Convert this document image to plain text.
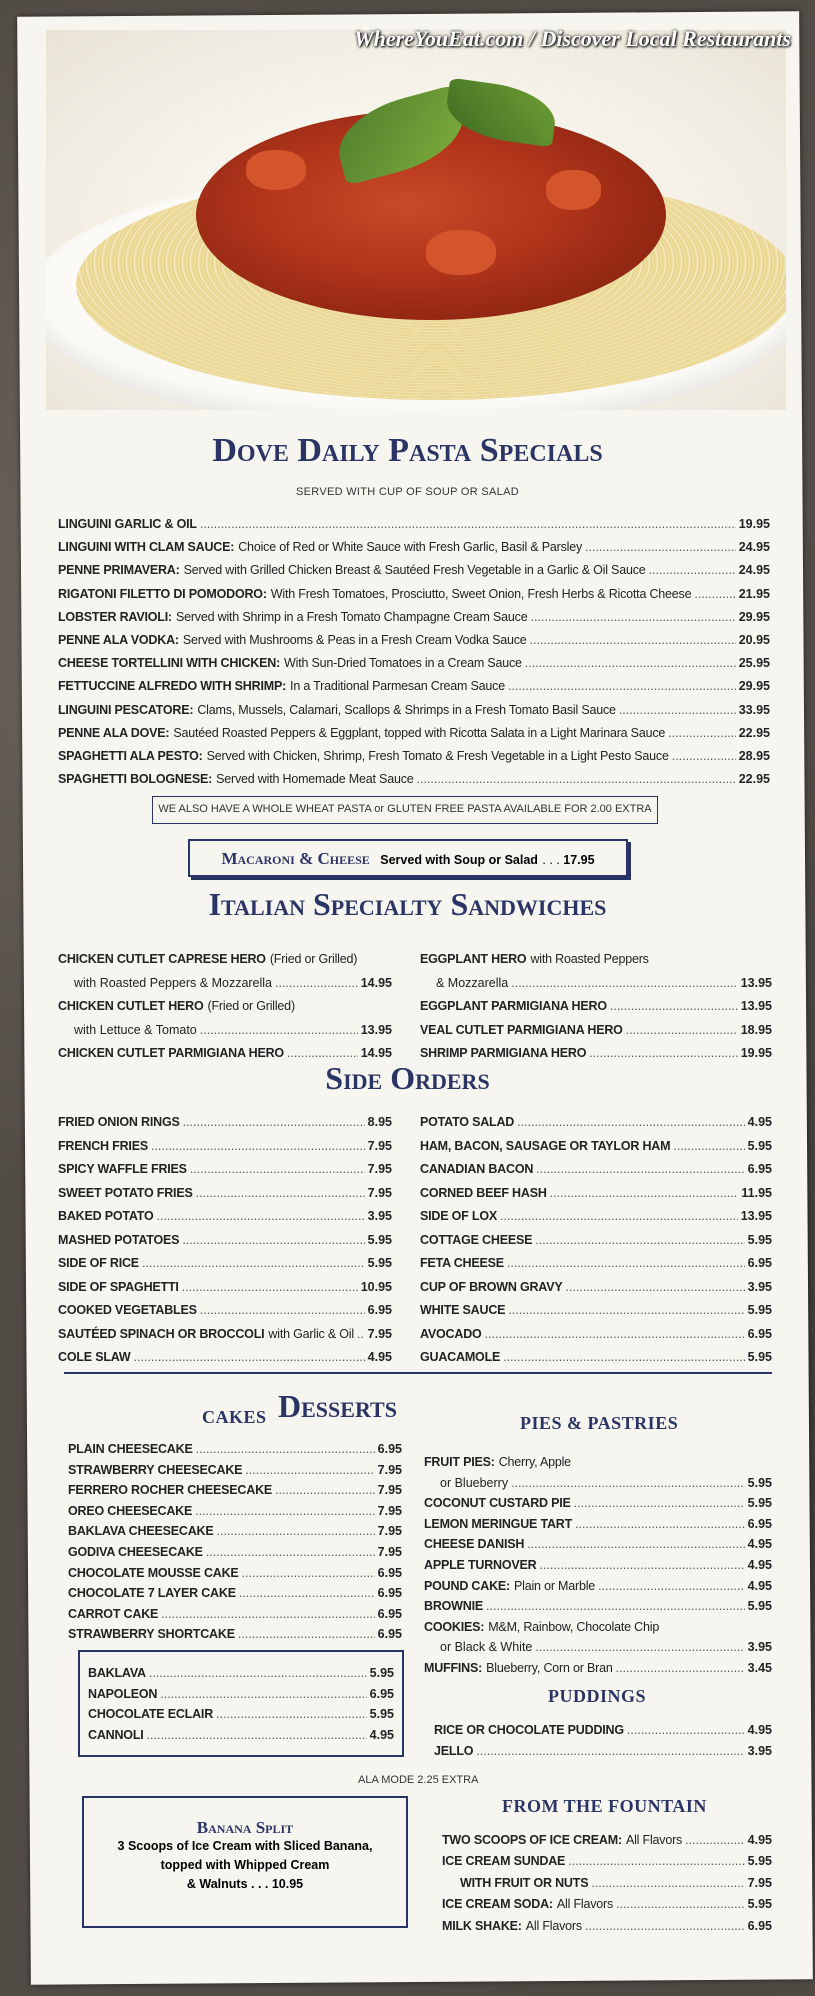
WhereYouEat.com / Discover Local Restaurants
Dove Daily Pasta Specials
SERVED WITH CUP OF SOUP OR SALAD
LINGUINI GARLIC & OIL .....	19.95
LINGUINI WITH CLAM SAUCE: Choice of Red or White Sauce with Fresh Garlic, Basil & Parsley .....	24.95
PENNE PRIMAVERA: Served with Grilled Chicken Breast & Sautéed Fresh Vegetable in a Garlic & Oil Sauce .....	24.95
RIGATONI FILETTO DI POMODORO: With Fresh Tomatoes, Prosciutto, Sweet Onion, Fresh Herbs & Ricotta Cheese .....	21.95
LOBSTER RAVIOLI: Served with Shrimp in a Fresh Tomato Champagne Cream Sauce .....	29.95
PENNE ALA VODKA: Served with Mushrooms & Peas in a Fresh Cream Vodka Sauce .....	20.95
CHEESE TORTELLINI WITH CHICKEN: With Sun-Dried Tomatoes in a Cream Sauce .....	25.95
FETTUCCINE ALFREDO WITH SHRIMP: In a Traditional Parmesan Cream Sauce .....	29.95
LINGUINI PESCATORE: Clams, Mussels, Calamari, Scallops & Shrimps in a Fresh Tomato Basil Sauce .....	33.95
PENNE ALA DOVE: Sautéed Roasted Peppers & Eggplant, topped with Ricotta Salata in a Light Marinara Sauce .....	22.95
SPAGHETTI ALA PESTO: Served with Chicken, Shrimp, Fresh Tomato & Fresh Vegetable in a Light Pesto Sauce .....	28.95
SPAGHETTI BOLOGNESE: Served with Homemade Meat Sauce .....	22.95
WE ALSO HAVE A WHOLE WHEAT PASTA or GLUTEN FREE PASTA AVAILABLE FOR 2.00 EXTRA
Macaroni & Cheese Served with Soup or Salad . . . 17.95
Italian Specialty Sandwiches
CHICKEN CUTLET CAPRESE HERO (Fried or Grilled)
with Roasted Peppers & Mozzarella .....	14.95
CHICKEN CUTLET HERO (Fried or Grilled)
with Lettuce & Tomato .....	13.95
CHICKEN CUTLET PARMIGIANA HERO .....	14.95
EGGPLANT HERO with Roasted Peppers
& Mozzarella .....	13.95
EGGPLANT PARMIGIANA HERO .....	13.95
VEAL CUTLET PARMIGIANA HERO .....	18.95
SHRIMP PARMIGIANA HERO .....	19.95
Side Orders
FRIED ONION RINGS .....	8.95
FRENCH FRIES .....	7.95
SPICY WAFFLE FRIES .....	7.95
SWEET POTATO FRIES .....	7.95
BAKED POTATO .....	3.95
MASHED POTATOES .....	5.95
SIDE OF RICE .....	5.95
SIDE OF SPAGHETTI .....	10.95
COOKED VEGETABLES .....	6.95
SAUTÉED SPINACH OR BROCCOLI with Garlic & Oil ..... 7.95
COLE SLAW .....	4.95
POTATO SALAD .....	4.95
HAM, BACON, SAUSAGE OR TAYLOR HAM .....	5.95
CANADIAN BACON .....	6.95
CORNED BEEF HASH .....	11.95
SIDE OF LOX .....	13.95
COTTAGE CHEESE .....	5.95
FETA CHEESE .....	6.95
CUP OF BROWN GRAVY .....	3.95
WHITE SAUCE .....	5.95
AVOCADO .....	6.95
GUACAMOLE .....	5.95
CAKES Desserts	PIES & PASTRIES
PLAIN CHEESECAKE .....	6.95
STRAWBERRY CHEESECAKE .....	7.95
FERRERO ROCHER CHEESECAKE .....	7.95
OREO CHEESECAKE .....	7.95
BAKLAVA CHEESECAKE .....	7.95
GODIVA CHEESECAKE .....	7.95
CHOCOLATE MOUSSE CAKE .....	6.95
CHOCOLATE 7 LAYER CAKE .....	6.95
CARROT CAKE .....	6.95
STRAWBERRY SHORTCAKE .....	6.95
BAKLAVA .....	5.95
NAPOLEON .....	6.95
CHOCOLATE ECLAIR .....	5.95
CANNOLI .....	4.95
ALA MODE 2.25 EXTRA
Banana Split
3 Scoops of Ice Cream with Sliced Banana,
topped with Whipped Cream
& Walnuts . . . 10.95
FRUIT PIES: Cherry, Apple
or Blueberry .....	5.95
COCONUT CUSTARD PIE .....	5.95
LEMON MERINGUE TART .....	6.95
CHEESE DANISH .....	4.95
APPLE TURNOVER .....	4.95
POUND CAKE: Plain or Marble .....	4.95
BROWNIE .....	5.95
COOKIES: M&M, Rainbow, Chocolate Chip
or Black & White .....	3.95
MUFFINS: Blueberry, Corn or Bran .....	3.45
PUDDINGS
RICE OR CHOCOLATE PUDDING .....	4.95
JELLO .....	3.95
FROM THE FOUNTAIN
TWO SCOOPS OF ICE CREAM: All Flavors .....	4.95
ICE CREAM SUNDAE .....	5.95
WITH FRUIT OR NUTS .....	7.95
ICE CREAM SODA: All Flavors .....	5.95
MILK SHAKE: All Flavors .....	6.95
